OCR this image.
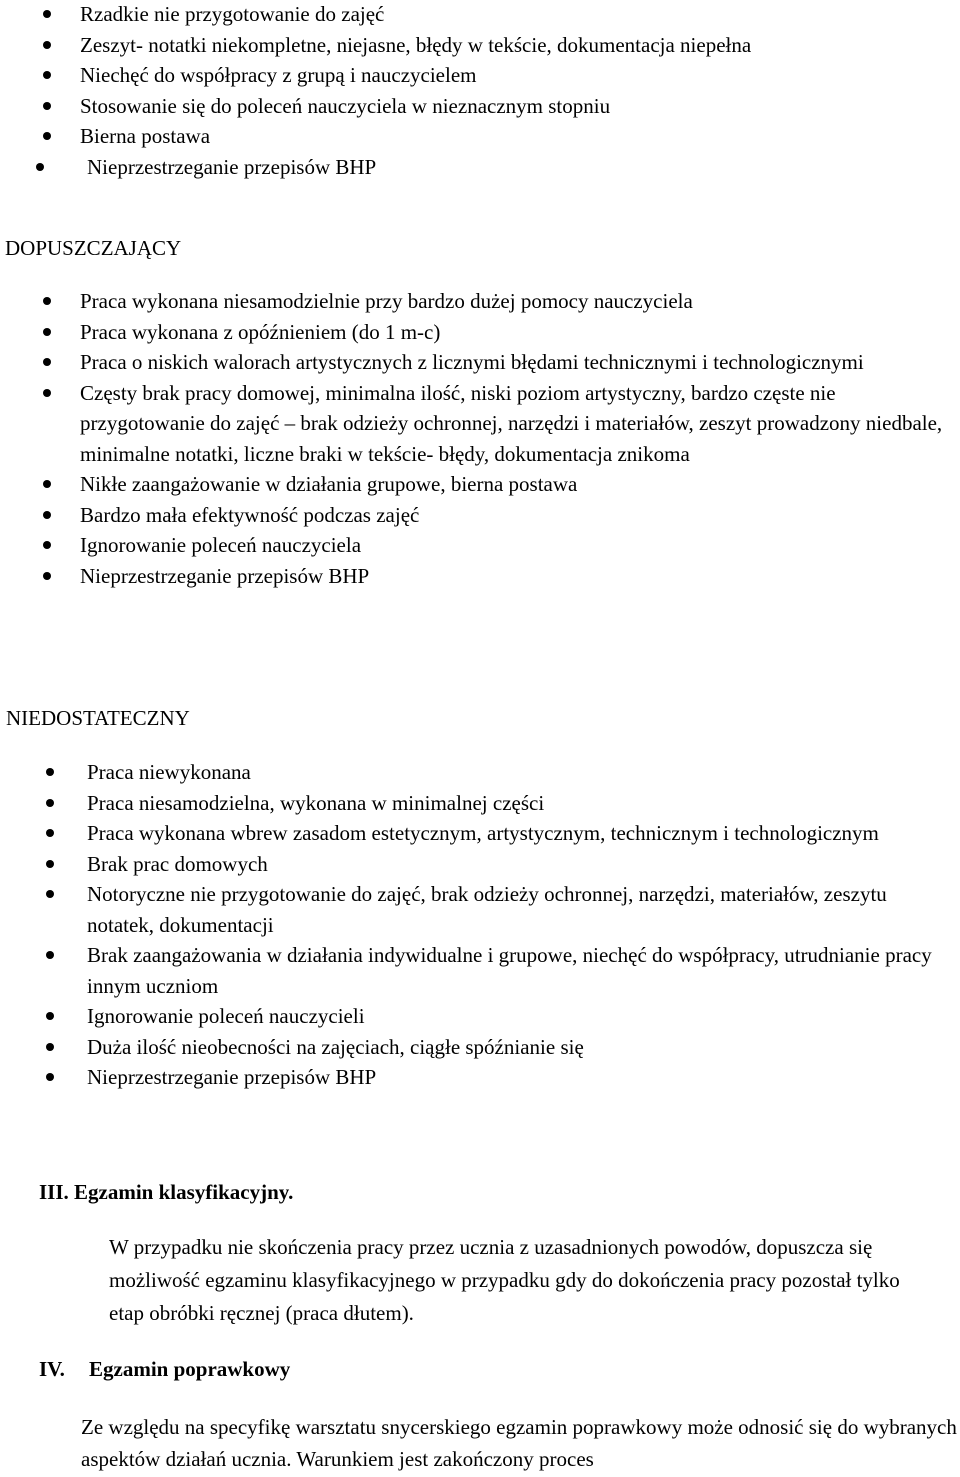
Rzadkie nie przygotowanie do zajęć
Zeszyt- notatki niekompletne, niejasne, błędy w tekście, dokumentacja niepełna
Niechęć do współpracy z grupą i nauczycielem
Stosowanie się do poleceń nauczyciela w nieznacznym stopniu
Bierna postawa
Nieprzestrzeganie przepisów BHP
DOPUSZCZAJĄCY
Praca wykonana niesamodzielnie przy bardzo dużej pomocy nauczyciela
Praca wykonana z opóźnieniem (do 1 m-c)
Praca o niskich walorach artystycznych z licznymi błędami technicznymi i technologicznymi
Częsty brak pracy domowej, minimalna ilość, niski poziom artystyczny, bardzo częste nie przygotowanie do zajęć – brak odzieży ochronnej, narzędzi i materiałów, zeszyt prowadzony niedbale, minimalne notatki, liczne braki w tekście- błędy, dokumentacja znikoma
Nikłe zaangażowanie w działania grupowe, bierna postawa
Bardzo mała efektywność podczas zajęć
Ignorowanie poleceń nauczyciela
Nieprzestrzeganie przepisów BHP
NIEDOSTATECZNY
Praca niewykonana
Praca niesamodzielna, wykonana w minimalnej części
Praca wykonana wbrew zasadom estetycznym, artystycznym, technicznym i technologicznym
Brak prac domowych
Notoryczne nie przygotowanie do zajęć, brak odzieży ochronnej, narzędzi, materiałów, zeszytu notatek, dokumentacji
Brak zaangażowania w działania indywidualne i grupowe, niechęć do współpracy, utrudnianie pracy innym uczniom
Ignorowanie poleceń nauczycieli
Duża ilość nieobecności na zajęciach, ciągłe spóźnianie się
Nieprzestrzeganie przepisów BHP
III. Egzamin klasyfikacyjny.

W przypadku nie skończenia pracy przez ucznia z uzasadnionych powodów, dopuszcza się możliwość egzaminu klasyfikacyjnego w przypadku gdy do dokończenia pracy pozostał tylko etap obróbki ręcznej (praca dłutem).

IV. Egzamin poprawkowy

Ze względu na specyfikę warsztatu snycerskiego egzamin poprawkowy może odnosić się do wybranych aspektów działań ucznia. Warunkiem jest zakończony proces
